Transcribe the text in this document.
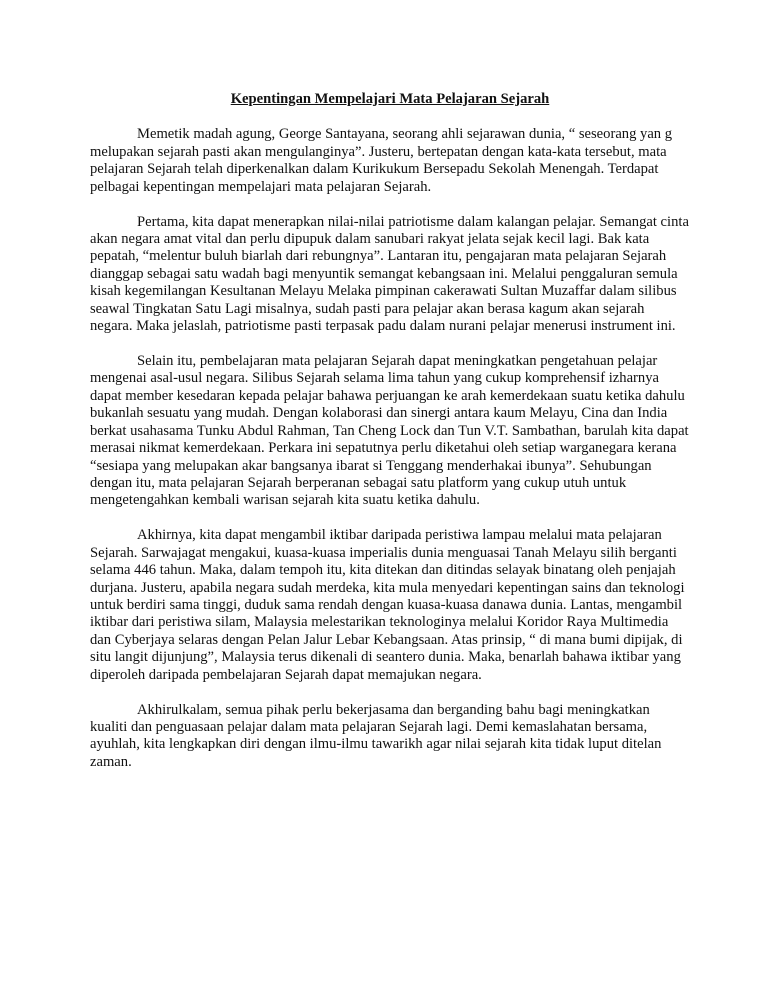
Kepentingan Mempelajari Mata Pelajaran Sejarah

Memetik madah agung, George Santayana, seorang ahli sejarawan dunia, “ seseorang yan g melupakan sejarah pasti akan mengulanginya”. Justeru, bertepatan dengan kata-kata tersebut, mata pelajaran Sejarah telah diperkenalkan dalam Kurikukum Bersepadu Sekolah Menengah. Terdapat pelbagai kepentingan mempelajari mata pelajaran Sejarah.

Pertama, kita dapat menerapkan nilai-nilai patriotisme dalam kalangan pelajar. Semangat cinta akan negara amat vital dan perlu dipupuk dalam sanubari rakyat jelata sejak kecil lagi. Bak kata pepatah, “melentur buluh biarlah dari rebungnya”. Lantaran itu, pengajaran mata pelajaran Sejarah dianggap sebagai satu wadah bagi menyuntik semangat kebangsaan ini. Melalui penggaluran semula kisah kegemilangan Kesultanan Melayu Melaka pimpinan cakerawati Sultan Muzaffar dalam silibus seawal Tingkatan Satu Lagi misalnya, sudah pasti para pelajar akan berasa kagum akan sejarah negara. Maka jelaslah, patriotisme pasti terpasak padu dalam nurani pelajar menerusi instrument ini.

Selain itu, pembelajaran mata pelajaran Sejarah dapat meningkatkan pengetahuan pelajar mengenai asal-usul negara. Silibus Sejarah selama lima tahun yang cukup komprehensif izharnya dapat member kesedaran kepada pelajar bahawa perjuangan ke arah kemerdekaan suatu ketika dahulu bukanlah sesuatu yang mudah. Dengan kolaborasi dan sinergi antara kaum Melayu, Cina dan India berkat usahasama Tunku Abdul Rahman, Tan Cheng Lock dan Tun V.T. Sambathan, barulah kita dapat merasai nikmat kemerdekaan. Perkara ini sepatutnya perlu diketahui oleh setiap warganegara kerana “sesiapa yang melupakan akar bangsanya ibarat si Tenggang menderhakai ibunya”. Sehubungan dengan itu, mata pelajaran Sejarah berperanan sebagai satu platform yang cukup utuh untuk mengetengahkan kembali warisan sejarah kita suatu ketika dahulu.

Akhirnya, kita dapat mengambil iktibar daripada peristiwa lampau melalui mata pelajaran Sejarah. Sarwajagat mengakui, kuasa-kuasa imperialis dunia menguasai Tanah Melayu silih berganti selama 446 tahun. Maka, dalam tempoh itu, kita ditekan dan ditindas selayak binatang oleh penjajah durjana. Justeru, apabila negara sudah merdeka, kita mula menyedari kepentingan sains dan teknologi untuk berdiri sama tinggi, duduk sama rendah dengan kuasa-kuasa danawa dunia. Lantas, mengambil iktibar dari peristiwa silam, Malaysia melestarikan teknologinya melalui Koridor Raya Multimedia dan Cyberjaya selaras dengan Pelan Jalur Lebar Kebangsaan. Atas prinsip, “ di mana bumi dipijak, di situ langit dijunjung”, Malaysia terus dikenali di seantero dunia. Maka, benarlah bahawa iktibar yang diperoleh daripada pembelajaran Sejarah dapat memajukan negara.

Akhirulkalam, semua pihak perlu bekerjasama dan berganding bahu bagi meningkatkan kualiti dan penguasaan pelajar dalam mata pelajaran Sejarah lagi. Demi kemaslahatan bersama, ayuhlah, kita lengkapkan diri dengan ilmu-ilmu tawarikh agar nilai sejarah kita tidak luput ditelan zaman.
